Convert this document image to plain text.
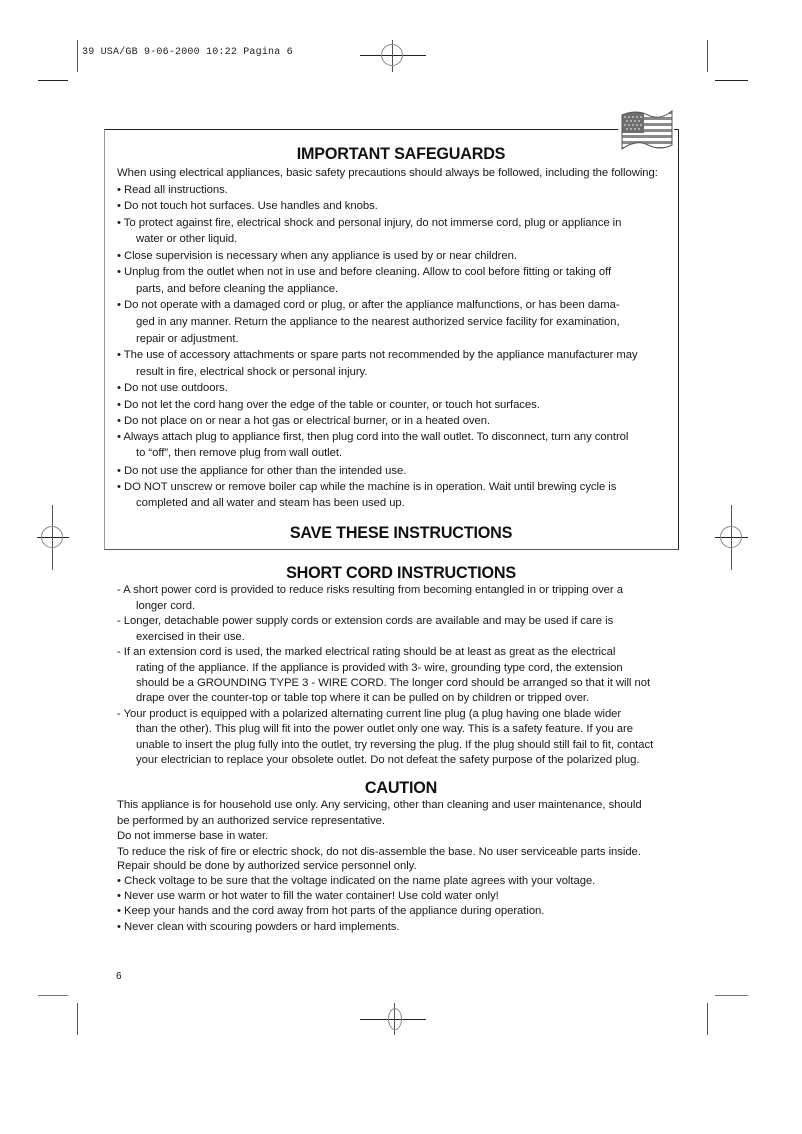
39 USA/GB 9-06-2000 10:22 Pagina 6
IMPORTANT SAFEGUARDS
When using electrical appliances, basic safety precautions should always be followed, including the following:
• Read all instructions.
• Do not touch hot surfaces. Use handles and knobs.
• To protect against fire, electrical shock and personal injury, do not immerse cord, plug or appliance in
water or other liquid.
• Close supervision is necessary when any appliance is used by or near children.
• Unplug from the outlet when not in use and before cleaning. Allow to cool before fitting or taking off
parts, and before cleaning the appliance.
• Do not operate with a damaged cord or plug, or after the appliance malfunctions, or has been dama-
ged in any manner. Return the appliance to the nearest authorized service facility for examination,
repair or adjustment.
• The use of accessory attachments or spare parts not recommended by the appliance manufacturer may
result in fire, electrical shock or personal injury.
• Do not use outdoors.
• Do not let the cord hang over the edge of the table or counter, or touch hot surfaces.
• Do not place on or near a hot gas or electrical burner, or in a heated oven.
• Always attach plug to appliance first, then plug cord into the wall outlet. To disconnect, turn any control
to “off”, then remove plug from wall outlet.
• Do not use the appliance for other than the intended use.
• DO NOT unscrew or remove boiler cap while the machine is in operation. Wait until brewing cycle is
completed and all water and steam has been used up.
SAVE THESE INSTRUCTIONS
SHORT CORD INSTRUCTIONS
- A short power cord is provided to reduce risks resulting from becoming entangled in or tripping over a
longer cord.
- Longer, detachable power supply cords or extension cords are available and may be used if care is
exercised in their use.
- If an extension cord is used, the marked electrical rating should be at least as great as the electrical
rating of the appliance. If the appliance is provided with 3- wire, grounding type cord, the extension
should be a GROUNDING TYPE 3 - WIRE CORD. The longer cord should be arranged so that it will not
drape over the counter-top or table top where it can be pulled on by children or tripped over.
- Your product is equipped with a polarized alternating current line plug (a plug having one blade wider
than the other). This plug will fit into the power outlet only one way. This is a safety feature. If you are
unable to insert the plug fully into the outlet, try reversing the plug. If the plug should still fail to fit, contact
your electrician to replace your obsolete outlet. Do not defeat the safety purpose of the polarized plug.
CAUTION
This appliance is for household use only. Any servicing, other than cleaning and user maintenance, should
be performed by an authorized service representative.
Do not immerse base in water.
To reduce the risk of fire or electric shock, do not dis-assemble the base. No user serviceable parts inside.
Repair should be done by authorized service personnel only.
• Check voltage to be sure that the voltage indicated on the name plate agrees with your voltage.
• Never use warm or hot water to fill the water container! Use cold water only!
• Keep your hands and the cord away from hot parts of the appliance during operation.
• Never clean with scouring powders or hard implements.
6
